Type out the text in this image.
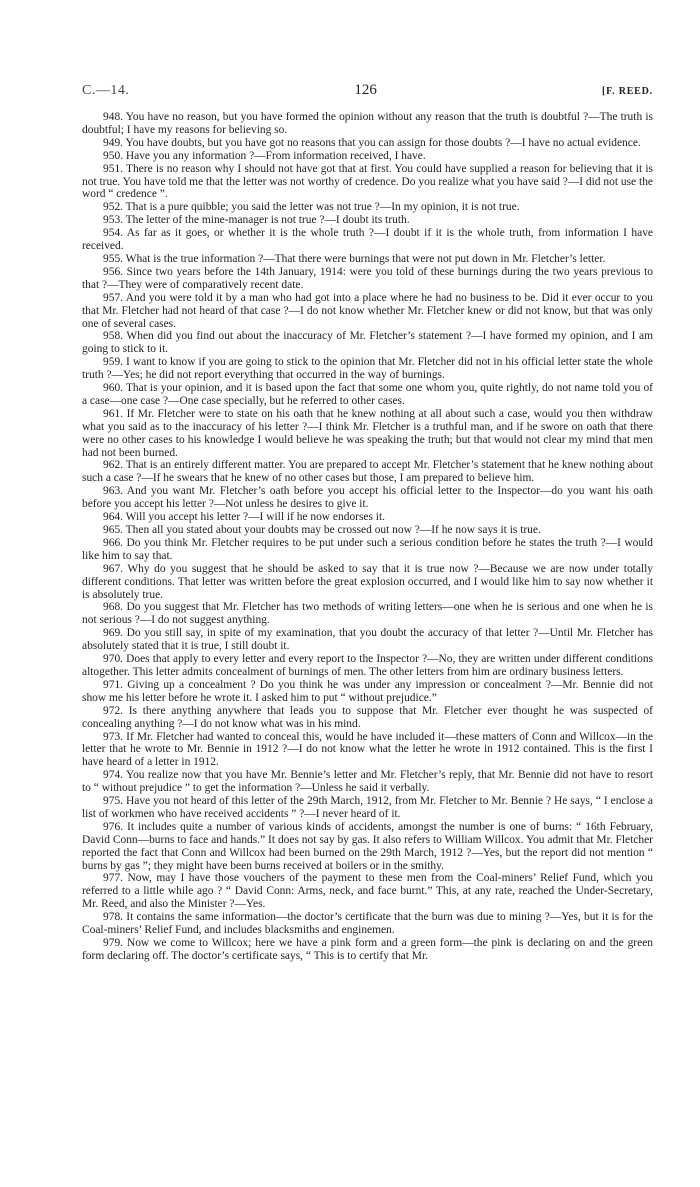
C.—14.	126	[F. REED.

948. You have no reason, but you have formed the opinion without any reason that the truth is doubtful ?—The truth is doubtful; I have my reasons for believing so.

949. You have doubts, but you have got no reasons that you can assign for those doubts ?—I have no actual evidence.

950. Have you any information ?—From information received, I have.

951. There is no reason why I should not have got that at first. You could have supplied a reason for believing that it is not true. You have told me that the letter was not worthy of credence. Do you realize what you have said ?—I did not use the word “ credence ”.

952. That is a pure quibble; you said the letter was not true ?—In my opinion, it is not true.

953. The letter of the mine-manager is not true ?—I doubt its truth.

954. As far as it goes, or whether it is the whole truth ?—I doubt if it is the whole truth, from information I have received.

955. What is the true information ?—That there were burnings that were not put down in Mr. Fletcher’s letter.

956. Since two years before the 14th January, 1914: were you told of these burnings during the two years previous to that ?—They were of comparatively recent date.

957. And you were told it by a man who had got into a place where he had no business to be. Did it ever occur to you that Mr. Fletcher had not heard of that case ?—I do not know whether Mr. Fletcher knew or did not know, but that was only one of several cases.

958. When did you find out about the inaccuracy of Mr. Fletcher’s statement ?—I have formed my opinion, and I am going to stick to it.

959. I want to know if you are going to stick to the opinion that Mr. Fletcher did not in his official letter state the whole truth ?—Yes; he did not report everything that occurred in the way of burnings.

960. That is your opinion, and it is based upon the fact that some one whom you, quite rightly, do not name told you of a case—one case ?—One case specially, but he referred to other cases.

961. If Mr. Fletcher were to state on his oath that he knew nothing at all about such a case, would you then withdraw what you said as to the inaccuracy of his letter ?—I think Mr. Fletcher is a truthful man, and if he swore on oath that there were no other cases to his knowledge I would believe he was speaking the truth; but that would not clear my mind that men had not been burned.

962. That is an entirely different matter. You are prepared to accept Mr. Fletcher’s statement that he knew nothing about such a case ?—If he swears that he knew of no other cases but those, I am prepared to believe him.

963. And you want Mr. Fletcher’s oath before you accept his official letter to the Inspector—do you want his oath before you accept his letter ?—Not unless he desires to give it.

964. Will you accept his letter ?—I will if he now endorses it.

965. Then all you stated about your doubts may be crossed out now ?—If he now says it is true.

966. Do you think Mr. Fletcher requires to be put under such a serious condition before he states the truth ?—I would like him to say that.

967. Why do you suggest that he should be asked to say that it is true now ?—Because we are now under totally different conditions. That letter was written before the great explosion occurred, and I would like him to say now whether it is absolutely true.

968. Do you suggest that Mr. Fletcher has two methods of writing letters—one when he is serious and one when he is not serious ?—I do not suggest anything.

969. Do you still say, in spite of my examination, that you doubt the accuracy of that letter ?—Until Mr. Fletcher has absolutely stated that it is true, I still doubt it.

970. Does that apply to every letter and every report to the Inspector ?—No, they are written under different conditions altogether. This letter admits concealment of burnings of men. The other letters from him are ordinary business letters.

971. Giving up a concealment ? Do you think he was under any impression or concealment ?—Mr. Bennie did not show me his letter before he wrote it. I asked him to put “ without prejudice.”

972. Is there anything anywhere that leads you to suppose that Mr. Fletcher ever thought he was suspected of concealing anything ?—I do not know what was in his mind.

973. If Mr. Fletcher had wanted to conceal this, would he have included it—these matters of Conn and Willcox—in the letter that he wrote to Mr. Bennie in 1912 ?—I do not know what the letter he wrote in 1912 contained. This is the first I have heard of a letter in 1912.

974. You realize now that you have Mr. Bennie’s letter and Mr. Fletcher’s reply, that Mr. Bennie did not have to resort to “ without prejudice ” to get the information ?—Unless he said it verbally.

975. Have you not heard of this letter of the 29th March, 1912, from Mr. Fletcher to Mr. Bennie ? He says, “ I enclose a list of workmen who have received accidents ” ?—I never heard of it.

976. It includes quite a number of various kinds of accidents, amongst the number is one of burns: “ 16th February, David Conn—burns to face and hands.” It does not say by gas. It also refers to William Willcox. You admit that Mr. Fletcher reported the fact that Conn and Willcox had been burned on the 29th March, 1912 ?—Yes, but the report did not mention “ burns by gas ”; they might have been burns received at boilers or in the smithy.

977. Now, may I have those vouchers of the payment to these men from the Coal-miners’ Relief Fund, which you referred to a little while ago ? “ David Conn: Arms, neck, and face burnt.” This, at any rate, reached the Under-Secretary, Mr. Reed, and also the Minister ?—Yes.

978. It contains the same information—the doctor’s certificate that the burn was due to mining ?—Yes, but it is for the Coal-miners’ Relief Fund, and includes blacksmiths and enginemen.

979. Now we come to Willcox; here we have a pink form and a green form—the pink is declaring on and the green form declaring off. The doctor’s certificate says, “ This is to certify that Mr.
